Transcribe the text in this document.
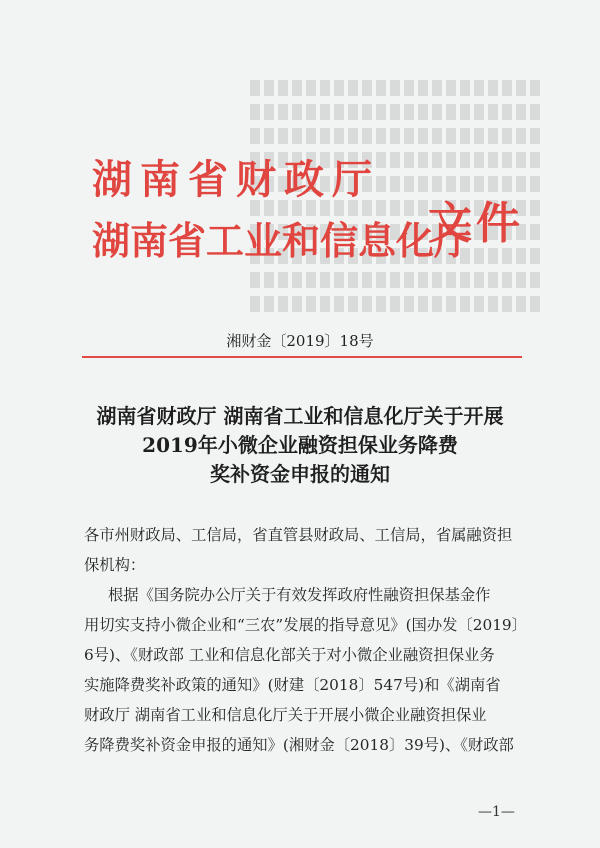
湖南省财政厅
湖南省工业和信息化厅
文件
湘财金〔2019〕18号
湖南省财政厅 湖南省工业和信息化厅关于开展
2019年小微企业融资担保业务降费
奖补资金申报的通知
各市州财政局、工信局，省直管县财政局、工信局，省属融资担
保机构：
根据《国务院办公厅关于有效发挥政府性融资担保基金作
用切实支持小微企业和“三农”发展的指导意见》(国办发〔2019〕
6号)、《财政部 工业和信息化部关于对小微企业融资担保业务
实施降费奖补政策的通知》(财建〔2018〕547号)和《湖南省
财政厅 湖南省工业和信息化厅关于开展小微企业融资担保业
务降费奖补资金申报的通知》(湘财金〔2018〕39号)、《财政部
—1—
